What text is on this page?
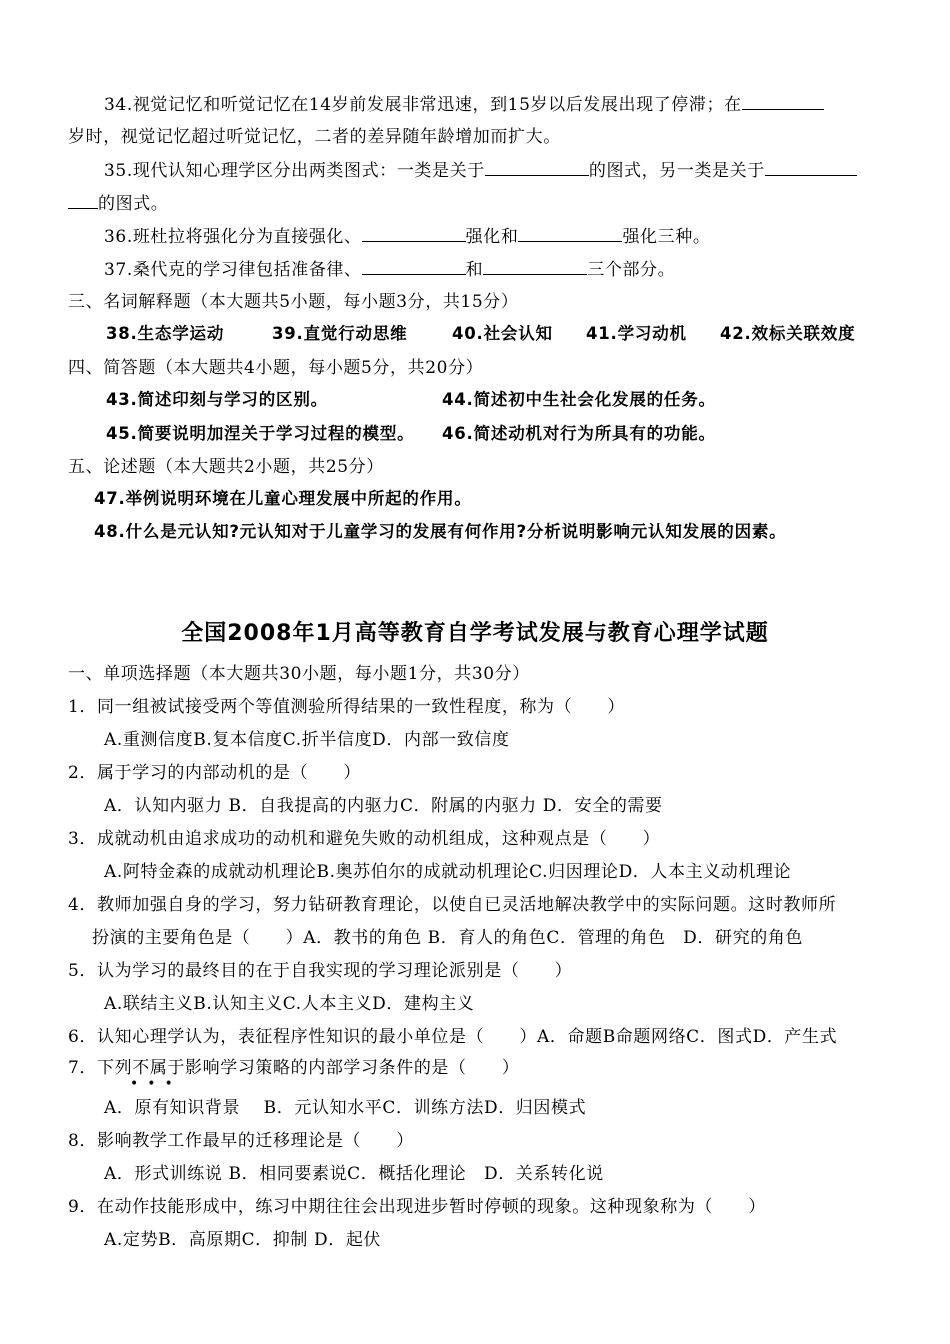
34.视觉记忆和听觉记忆在14岁前发展非常迅速，到15岁以后发展出现了停滞；在
岁时，视觉记忆超过听觉记忆，二者的差异随年龄增加而扩大。
35.现代认知心理学区分出两类图式：一类是关于	的图式，另一类是关于
的图式。
36.班杜拉将强化分为直接强化、	强化和	强化三种。
37.桑代克的学习律包括准备律、	和	三个部分。
三、名词解释题（本大题共5小题，每小题3分，共15分）
38.生态学运动	39.直觉行动思维	40.社会认知 41.学习动机 42.效标关联效度
四、简答题（本大题共4小题，每小题5分，共20分）
43.简述印刻与学习的区别。	44.简述初中生社会化发展的任务。
45.简要说明加涅关于学习过程的模型。 46.简述动机对行为所具有的功能。
五、论述题（本大题共2小题，共25分）
47.举例说明环境在儿童心理发展中所起的作用。
48.什么是元认知?元认知对于儿童学习的发展有何作用?分析说明影响元认知发展的因素。
全国2008年1月高等教育自学考试发展与教育心理学试题
一、单项选择题（本大题共30小题，每小题1分，共30分）
1．同一组被试接受两个等值测验所得结果的一致性程度，称为（　　）
A.重测信度B.复本信度C.折半信度D．内部一致信度
2．属于学习的内部动机的是（　　）
A．认知内驱力 B．自我提高的内驱力C．附属的内驱力 D．安全的需要
3．成就动机由追求成功的动机和避免失败的动机组成，这种观点是（　　）
A.阿特金森的成就动机理论B.奥苏伯尔的成就动机理论C.归因理论D．人本主义动机理论
4．教师加强自身的学习，努力钻研教育理论，以使自已灵活地解决教学中的实际问题。这时教师所
扮演的主要角色是（　　）A．教书的角色 B．育人的角色C．管理的角色　D．研究的角色
5．认为学习的最终目的在于自我实现的学习理论派别是（　　）
A.联结主义B.认知主义C.人本主义D．建构主义
6．认知心理学认为，表征程序性知识的最小单位是（　　）A．命题B命题网络C．图式D．产生式
7．下列不属于影响学习策略的内部学习条件的是（　　）
•••
A．原有知识背景　 B．元认知水平C．训练方法D．归因模式
8．影响教学工作最早的迁移理论是（　　）
A．形式训练说 B．相同要素说C．概括化理论　D．关系转化说
9．在动作技能形成中，练习中期往往会出现进步暂时停顿的现象。这种现象称为（　　）
A.定势B．高原期C．抑制 D．起伏
